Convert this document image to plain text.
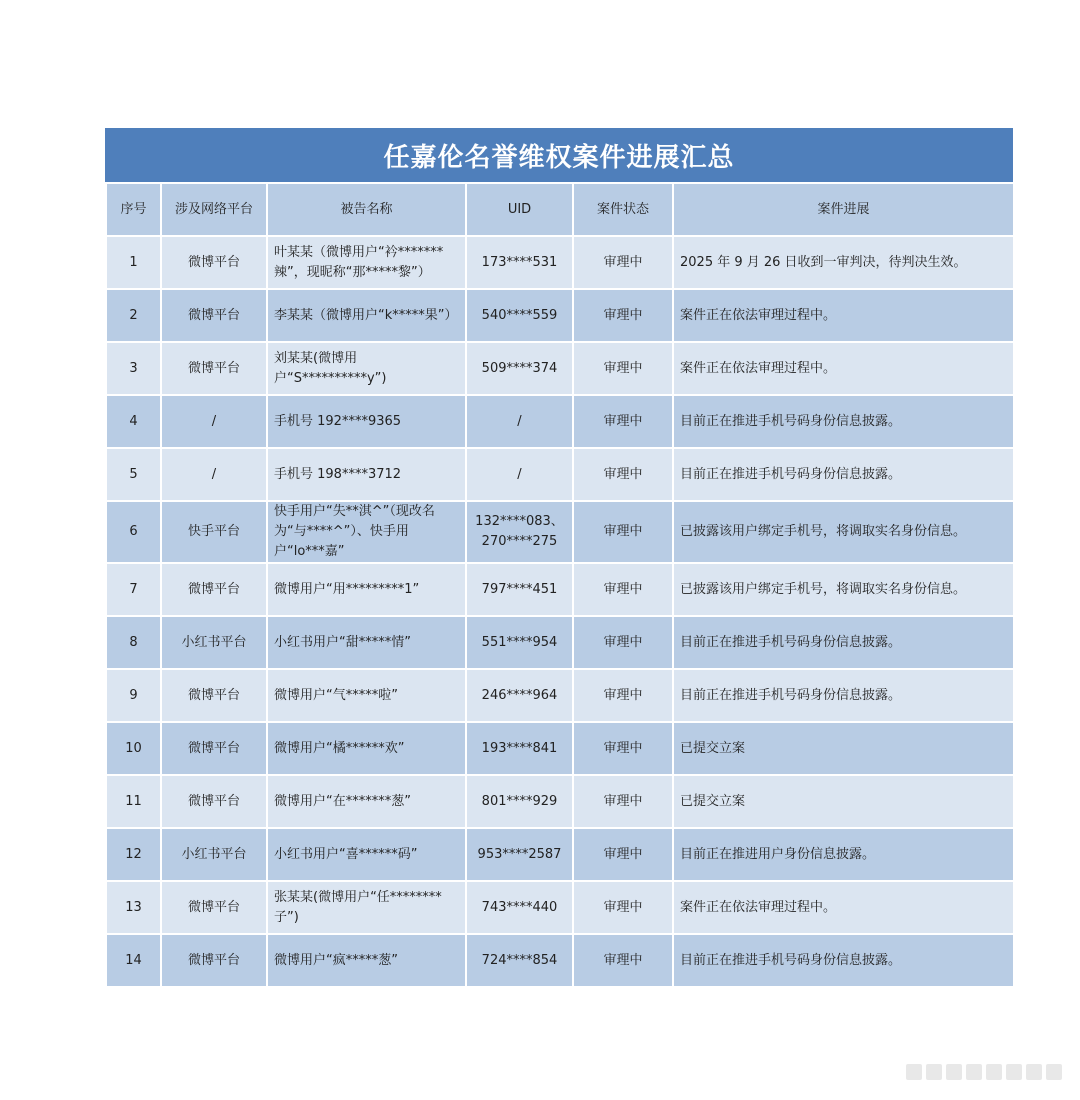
任嘉伦名誉维权案件进展汇总
序号	涉及网络平台	被告名称	UID	案件状态	案件进展
1	微博平台	叶某某（微博用户“衿*******辣”，现昵称“那*****黎”）	173****531	审理中	2025 年 9 月 26 日收到一审判决，待判决生效。
2	微博平台	李某某（微博用户“k*****果”）	540****559	审理中	案件正在依法审理过程中。
3	微博平台	刘某某(微博用户“S**********y”)	509****374	审理中	案件正在依法审理过程中。
4	/	手机号 192****9365	/	审理中	目前正在推进手机号码身份信息披露。
5	/	手机号 198****3712	/	审理中	目前正在推进手机号码身份信息披露。
6	快手平台	快手用户“失**淇^”（现改名为“与****^”）、快手用户“lo***嘉”	132****083、270****275	审理中	已披露该用户绑定手机号，将调取实名身份信息。
7	微博平台	微博用户“用*********1”	797****451	审理中	已披露该用户绑定手机号，将调取实名身份信息。
8	小红书平台	小红书用户“甜*****情”	551****954	审理中	目前正在推进手机号码身份信息披露。
9	微博平台	微博用户“气*****啦”	246****964	审理中	目前正在推进手机号码身份信息披露。
10	微博平台	微博用户“橘******欢”	193****841	审理中	已提交立案
11	微博平台	微博用户“在*******葱”	801****929	审理中	已提交立案
12	小红书平台	小红书用户“喜******码”	953****2587	审理中	目前正在推进用户身份信息披露。
13	微博平台	张某某(微博用户“任********子”)	743****440	审理中	案件正在依法审理过程中。
14	微博平台	微博用户“疯*****葱”	724****854	审理中	目前正在推进手机号码身份信息披露。
